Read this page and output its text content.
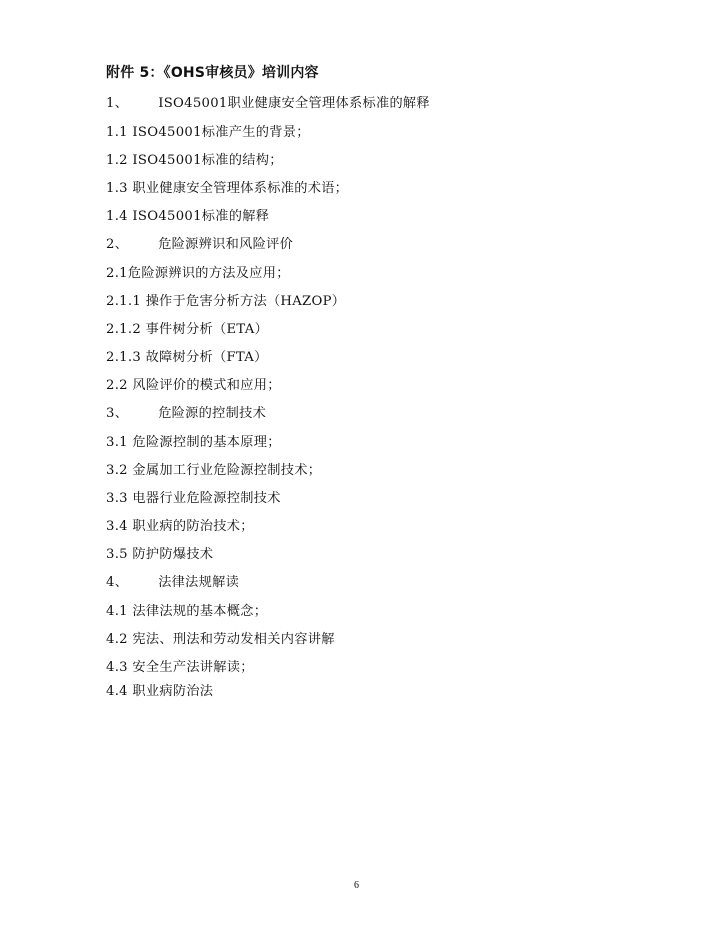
附件 5：《OHS审核员》培训内容
1、 ISO45001职业健康安全管理体系标准的解释
1.1 ISO45001标准产生的背景；
1.2 ISO45001标准的结构；
1.3 职业健康安全管理体系标准的术语；
1.4 ISO45001标准的解释
2、 危险源辨识和风险评价
2.1危险源辨识的方法及应用；
2.1.1 操作于危害分析方法（HAZOP）
2.1.2 事件树分析（ETA）
2.1.3 故障树分析（FTA）
2.2 风险评价的模式和应用；
3、 危险源的控制技术
3.1 危险源控制的基本原理；
3.2 金属加工行业危险源控制技术；
3.3 电器行业危险源控制技术
3.4 职业病的防治技术；
3.5 防护防爆技术
4、 法律法规解读
4.1 法律法规的基本概念；
4.2 宪法、刑法和劳动发相关内容讲解
4.3 安全生产法讲解读；
4.4 职业病防治法
6
